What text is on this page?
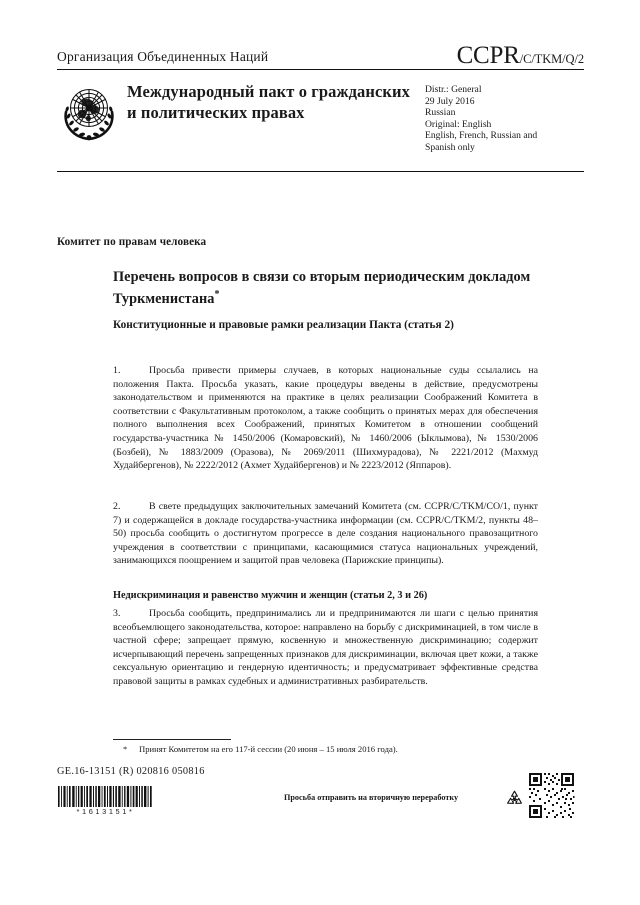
Организация Объединенных Наций	CCPR/C/TKM/Q/2
Международный пакт о гражданских и политических правах
Distr.: General
29 July 2016
Russian
Original: English
English, French, Russian and
Spanish only
Комитет по правам человека
Перечень вопросов в связи со вторым периодическим докладом Туркменистана*
Конституционные и правовые рамки реализации Пакта (статья 2)
1.	Просьба привести примеры случаев, в которых национальные суды ссылались на положения Пакта. Просьба указать, какие процедуры введены в действие, предусмотрены законодательством и применяются на практике в целях реализации Соображений Комитета в соответствии с Факультативным протоколом, а также сообщить о принятых мерах для обеспечения полного выполнения всех Соображений, принятых Комитетом в отношении сообщений государства-участника № 1450/2006 (Комаровский), № 1460/2006 (Ыклымова), № 1530/2006 (Бозбей), № 1883/2009 (Оразова), № 2069/2011 (Шихмурадова), № 2221/2012 (Махмуд Худайбергенов), № 2222/2012 (Ахмет Худайбергенов) и № 2223/2012 (Яппаров).
2.	В свете предыдущих заключительных замечаний Комитета (см. CCPR/C/TKM/CO/1, пункт 7) и содержащейся в докладе государства-участника информации (см. CCPR/C/TKM/2, пункты 48–50) просьба сообщить о достигнутом прогрессе в деле создания национального правозащитного учреждения в соответствии с принципами, касающимися статуса национальных учреждений, занимающихся поощрением и защитой прав человека (Парижские принципы).
Недискриминация и равенство мужчин и женщин (статьи 2, 3 и 26)
3.	Просьба сообщить, предпринимались ли и предпринимаются ли шаги с целью принятия всеобъемлющего законодательства, которое: направлено на борьбу с дискриминацией, в том числе в частной сфере; запрещает прямую, косвенную и множественную дискриминацию; содержит исчерпывающий перечень запрещенных признаков для дискриминации, включая цвет кожи, а также сексуальную ориентацию и гендерную идентичность; и предусматривает эффективные средства правовой защиты в рамках судебных и административных разбирательств.
* Принят Комитетом на его 117-й сессии (20 июня – 15 июля 2016 года).
GE.16-13151 (R) 020816 050816
*1613151*
Просьба отправить на вторичную переработку
